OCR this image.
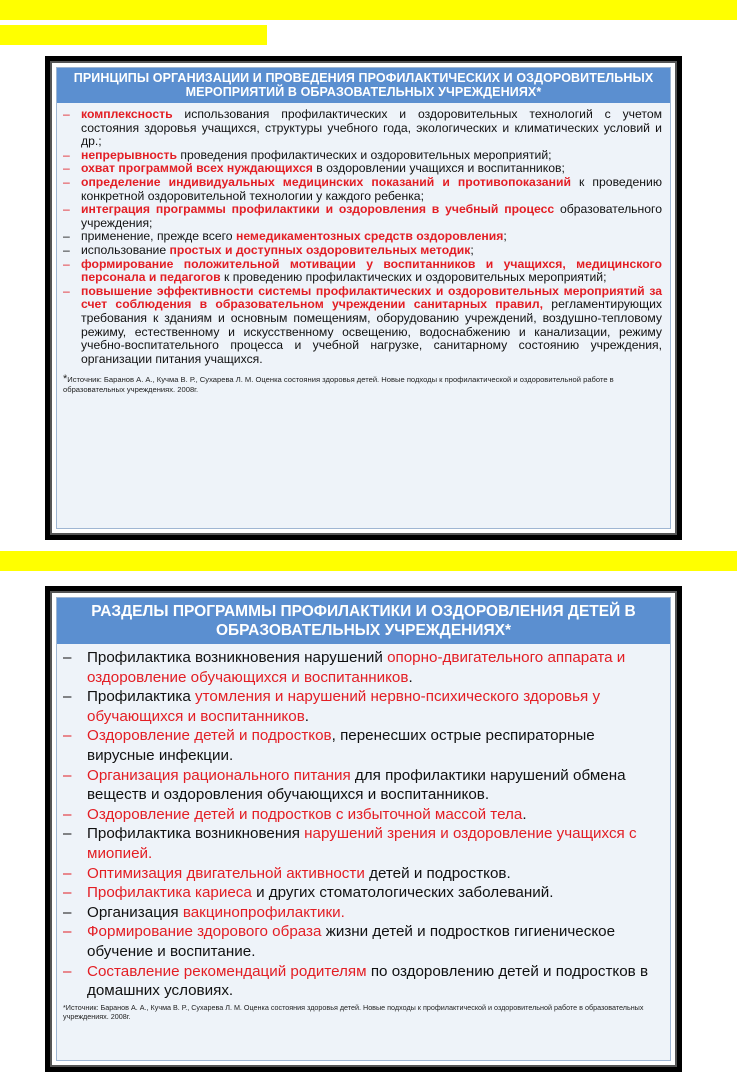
ПРИНЦИПЫ ОРГАНИЗАЦИИ И ПРОВЕДЕНИЯ ПРОФИЛАКТИЧЕСКИХ И ОЗДОРОВИТЕЛЬНЫХ МЕРОПРИЯТИЙ В ОБРАЗОВАТЕЛЬНЫХ УЧРЕЖДЕНИЯХ*
– комплексность использования профилактических и оздоровительных технологий с учетом состояния здоровья учащихся, структуры учебного года, экологических и климатических условий и др.;
– непрерывность проведения профилактических и оздоровительных мероприятий;
– охват программой всех нуждающихся в оздоровлении учащихся и воспитанников;
– определение индивидуальных медицинских показаний и противопоказаний к проведению конкретной оздоровительной технологии у каждого ребенка;
– интеграция программы профилактики и оздоровления в учебный процесс образовательного учреждения;
– применение, прежде всего немедикаментозных средств оздоровления;
– использование простых и доступных оздоровительных методик;
– формирование положительной мотивации у воспитанников и учащихся, медицинского персонала и педагогов к проведению профилактических и оздоровительных мероприятий;
– повышение эффективности системы профилактических и оздоровительных мероприятий за счет соблюдения в образовательном учреждении санитарных правил, регламентирующих требования к зданиям и основным помещениям, оборудованию учреждений, воздушно-тепловому режиму, естественному и искусственному освещению, водоснабжению и канализации, режиму учебно-воспитательного процесса и учебной нагрузке, санитарному состоянию учреждения, организации питания учащихся.
*Источник: Баранов А. А., Кучма В. Р., Сухарева Л. М. Оценка состояния здоровья детей. Новые подходы к профилактической и оздоровительной работе в образовательных учреждениях. 2008г.
РАЗДЕЛЫ ПРОГРАММЫ ПРОФИЛАКТИКИ И ОЗДОРОВЛЕНИЯ ДЕТЕЙ В ОБРАЗОВАТЕЛЬНЫХ УЧРЕЖДЕНИЯХ*
– Профилактика возникновения нарушений опорно-двигательного аппарата и оздоровление обучающихся и воспитанников.
– Профилактика утомления и нарушений нервно-психического здоровья у обучающихся и воспитанников.
– Оздоровление детей и подростков, перенесших острые респираторные вирусные инфекции.
– Организация рационального питания для профилактики нарушений обмена веществ и оздоровления обучающихся и воспитанников.
– Оздоровление детей и подростков с избыточной массой тела.
– Профилактика возникновения нарушений зрения и оздоровление учащихся с миопией.
– Оптимизация двигательной активности детей и подростков.
– Профилактика кариеса и других стоматологических заболеваний.
– Организация вакцинопрофилактики.
– Формирование здорового образа жизни детей и подростков гигиеническое обучение и воспитание.
– Составление рекомендаций родителям по оздоровлению детей и подростков в домашних условиях.
*Источник: Баранов А. А., Кучма В. Р., Сухарева Л. М. Оценка состояния здоровья детей. Новые подходы к профилактической и оздоровительной работе в образовательных учреждениях. 2008г.
